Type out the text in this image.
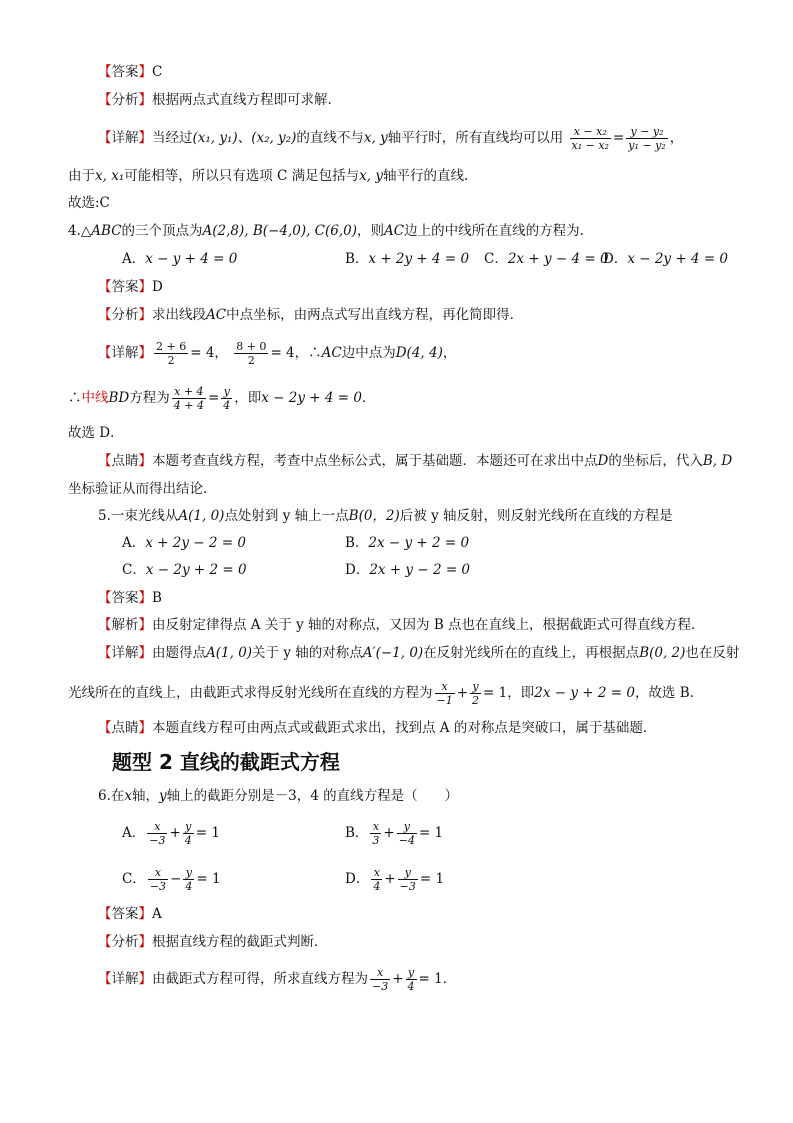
【答案】C
【分析】根据两点式直线方程即可求解.
【详解】当经过(x₁, y₁)、(x₂, y₂)的直线不与x, y轴平行时，所有直线均可以用 $\frac{\text{x − x₂}}{\text{x₁ − x₂}} = \frac{\text{y − y₂}}{\text{y₁ − y₂}}$ ，
由于x, x₁可能相等，所以只有选项 C 满足包括与x, y轴平行的直线.
故选:C
4.△ABC的三个顶点为A(2,8), B(−4,0), C(6,0)，则AC边上的中线所在直线的方程为.
A．x − y + 4 = 0	B．x + 2y + 4 = 0 C．2x + y − 4 = 0
D．x − 2y + 4 = 0
【答案】D
【分析】求出线段AC中点坐标，由两点式写出直线方程，再化简即得．
【详解】 $\frac{2 + 6}{2} = 4$， $\frac{8 + 0}{2} = 4$，∴AC边中点为D(4, 4)，
∴中线BD方程为 $\frac{x + 4}{4 + 4} = \frac{y}{4}$ ，即x − 2y + 4 = 0．
故选 D．
【点睛】本题考查直线方程，考查中点坐标公式，属于基础题．本题还可在求出中点D的坐标后，代入B, D
坐标验证从而得出结论．
5.一束光线从A(1, 0)点处射到 y 轴上一点B(0，2)后被 y 轴反射，则反射光线所在直线的方程是
A．x + 2y − 2 = 0	B．2x − y + 2 = 0
C．x − 2y + 2 = 0	D．2x + y − 2 = 0
【答案】B
【解析】由反射定律得点 A 关于 y 轴的对称点，又因为 B 点也在直线上，根据截距式可得直线方程．
【详解】由题得点A(1, 0)关于 y 轴的对称点A′(−1, 0)在反射光线所在的直线上，再根据点B(0, 2)也在反射
光线所在的直线上，由截距式求得反射光线所在直线的方程为 $\frac{x}{-1} + \frac{y}{2} = 1$，即2x − y + 2 = 0，故选 B.
【点睛】本题直线方程可由两点式或截距式求出，找到点 A 的对称点是突破口，属于基础题．
题型 2 直线的截距式方程
6.在x轴，y轴上的截距分别是－3，4 的直线方程是（　　）
A． $\frac{x}{-3} + \frac{y}{4} = 1$	B． $\frac{x}{3} + \frac{y}{-4} = 1$
C． $\frac{x}{-3} - \frac{y}{4} = 1$	D． $\frac{x}{4} + \frac{y}{-3} = 1$
【答案】A
【分析】根据直线方程的截距式判断．
【详解】由截距式方程可得，所求直线方程为 $\frac{x}{-3} + \frac{y}{4} = 1$．
